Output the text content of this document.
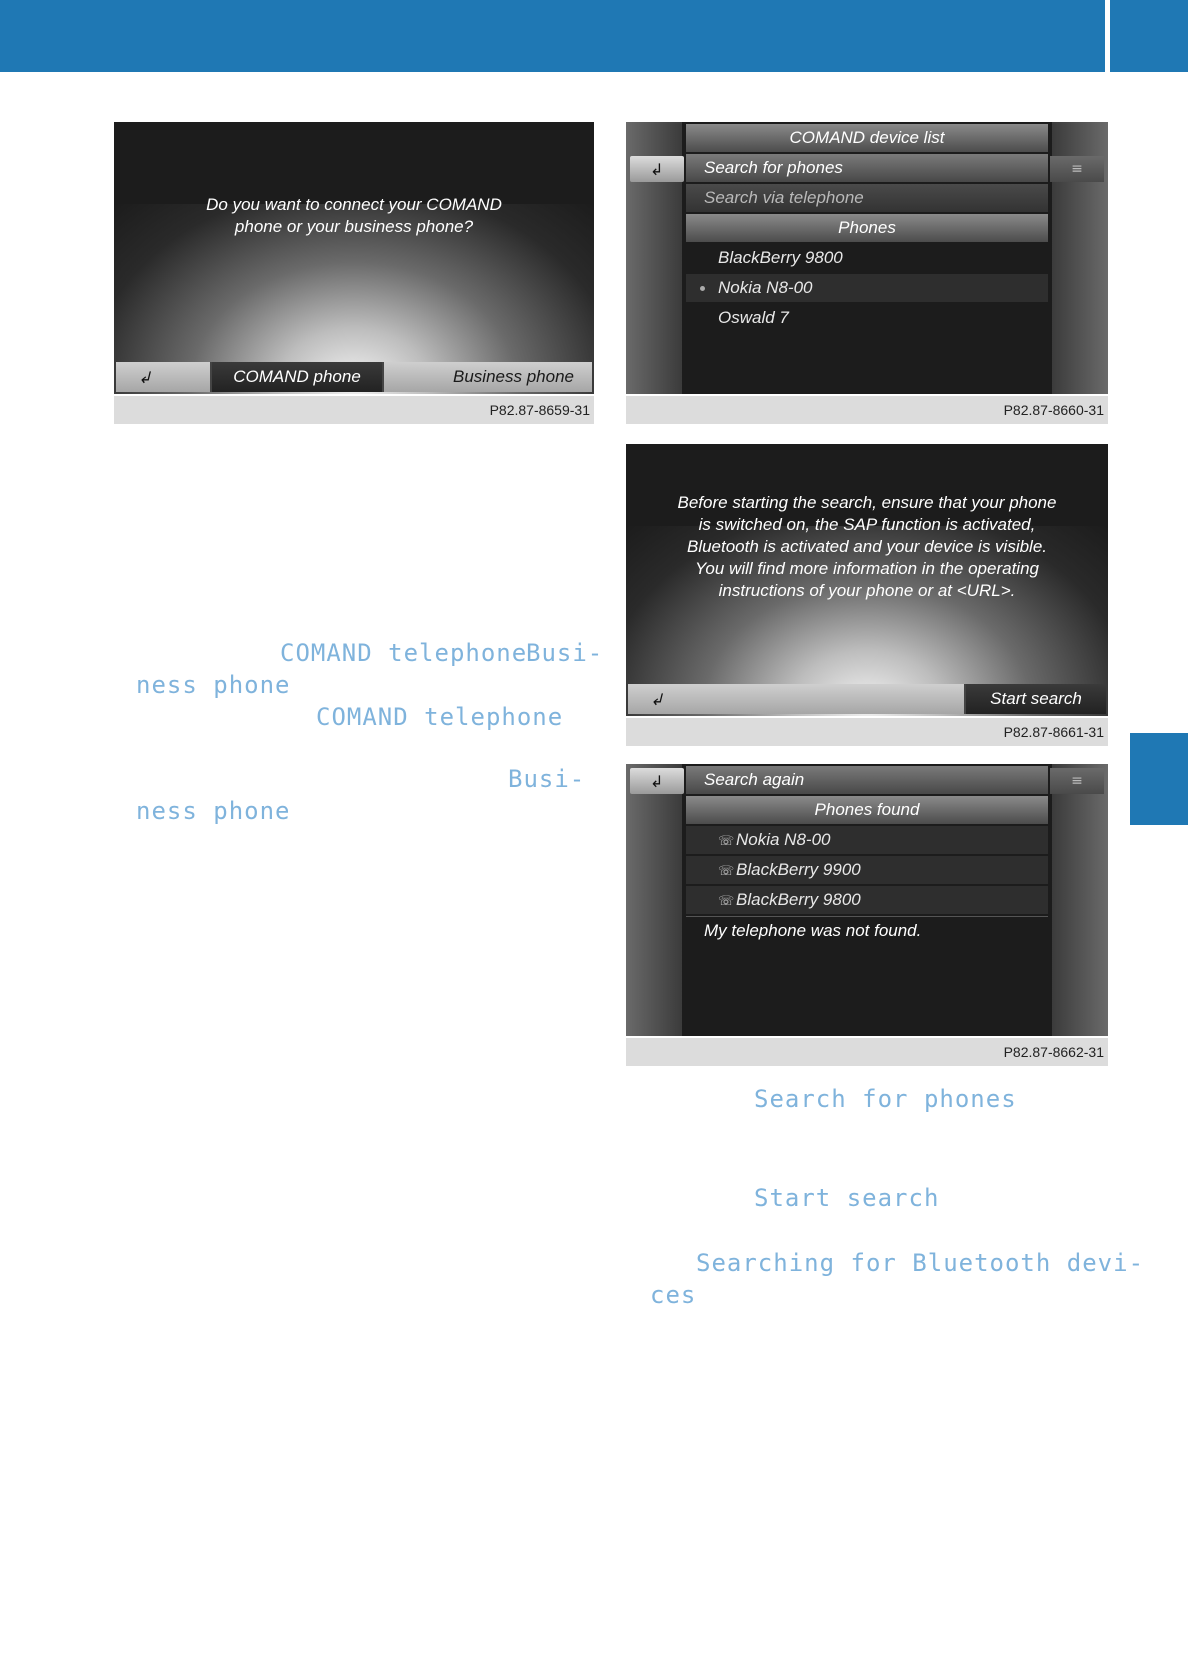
Do you want to connect your COMAND
phone or your business phone?
↲
COMAND phone	Business phone
P82.87-8659-31
↲
≡
COMAND device list
Search for phones
Search via telephone
Phones
BlackBerry 9800
Nokia N8-00
Oswald 7
P82.87-8660-31
Before starting the search, ensure that your phone
is switched on, the SAP function is activated,
Bluetooth is activated and your device is visible.
You will find more information in the operating
instructions of your phone or at <URL>.
↲
Start search
P82.87-8661-31
↲
≡
Search again
Phones found
☏ Nokia N8-00
☏ BlackBerry 9900
☏ BlackBerry 9800
My telephone was not found.
P82.87-8662-31
COMAND telephone
Busi-
ness phone
COMAND telephone
Busi-
ness phone
Search for phones
Start search
Searching for Bluetooth devi-
ces
